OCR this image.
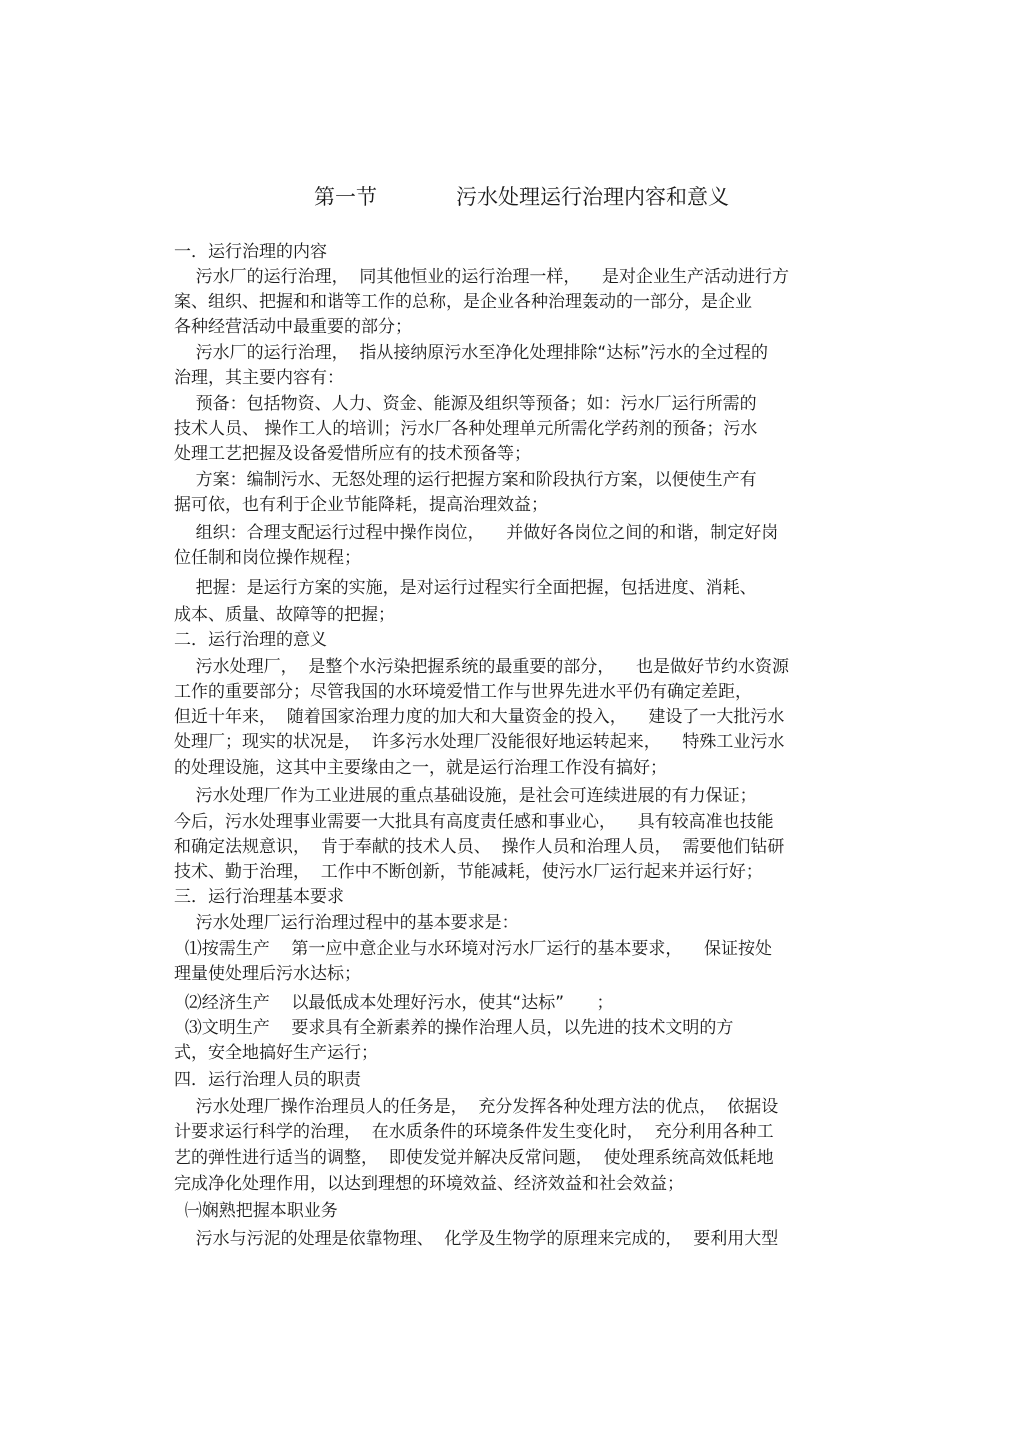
第一节	污水处理运行治理内容和意义
一．运行治理的内容
污水厂的运行治理，  同其他恒业的运行治理一样，    是对企业生产活动进行方
案、组织、把握和和谐等工作的总称，是企业各种治理轰动的一部分，是企业
各种经营活动中最重要的部分；
污水厂的运行治理，  指从接纳原污水至净化处理排除“达标”污水的全过程的
治理，其主要内容有：
预备：包括物资、人力、资金、能源及组织等预备；如：污水厂运行所需的
技术人员、 操作工人的培训；污水厂各种处理单元所需化学药剂的预备；污水
处理工艺把握及设备爱惜所应有的技术预备等；
方案：编制污水、无怒处理的运行把握方案和阶段执行方案，以便使生产有
据可依，也有利于企业节能降耗，提高治理效益；
组织：合理支配运行过程中操作岗位，    并做好各岗位之间的和谐，制定好岗
位任制和岗位操作规程；
把握：是运行方案的实施，是对运行过程实行全面把握，包括进度、消耗、
成本、质量、故障等的把握；
二．运行治理的意义
污水处理厂，  是整个水污染把握系统的最重要的部分，    也是做好节约水资源
工作的重要部分；尽管我国的水环境爱惜工作与世界先进水平仍有确定差距，
但近十年来，  随着国家治理力度的加大和大量资金的投入，    建设了一大批污水
处理厂；现实的状况是，  许多污水处理厂没能很好地运转起来，    特殊工业污水
的处理设施，这其中主要缘由之一，就是运行治理工作没有搞好；
污水处理厂作为工业进展的重点基础设施，是社会可连续进展的有力保证；
今后，污水处理事业需要一大批具有高度责任感和事业心，    具有较高准也技能
和确定法规意识，  肯于奉献的技术人员、  操作人员和治理人员，  需要他们钻研
技术、勤于治理，  工作中不断创新，节能减耗，使污水厂运行起来并运行好；
三．运行治理基本要求
污水处理厂运行治理过程中的基本要求是：
⑴按需生产    第一应中意企业与水环境对污水厂运行的基本要求，    保证按处
理量使处理后污水达标；
⑵经济生产    以最低成本处理好污水，使其“达标”      ；
⑶文明生产    要求具有全新素养的操作治理人员，以先进的技术文明的方
式，安全地搞好生产运行；
四．运行治理人员的职责
污水处理厂操作治理员人的任务是，  充分发挥各种处理方法的优点，  依据设
计要求运行科学的治理，  在水质条件的环境条件发生变化时，  充分利用各种工
艺的弹性进行适当的调整，  即使发觉并解决反常问题，  使处理系统高效低耗地
完成净化处理作用，以达到理想的环境效益、经济效益和社会效益；
㈠娴熟把握本职业务
污水与污泥的处理是依靠物理、  化学及生物学的原理来完成的，  要利用大型
